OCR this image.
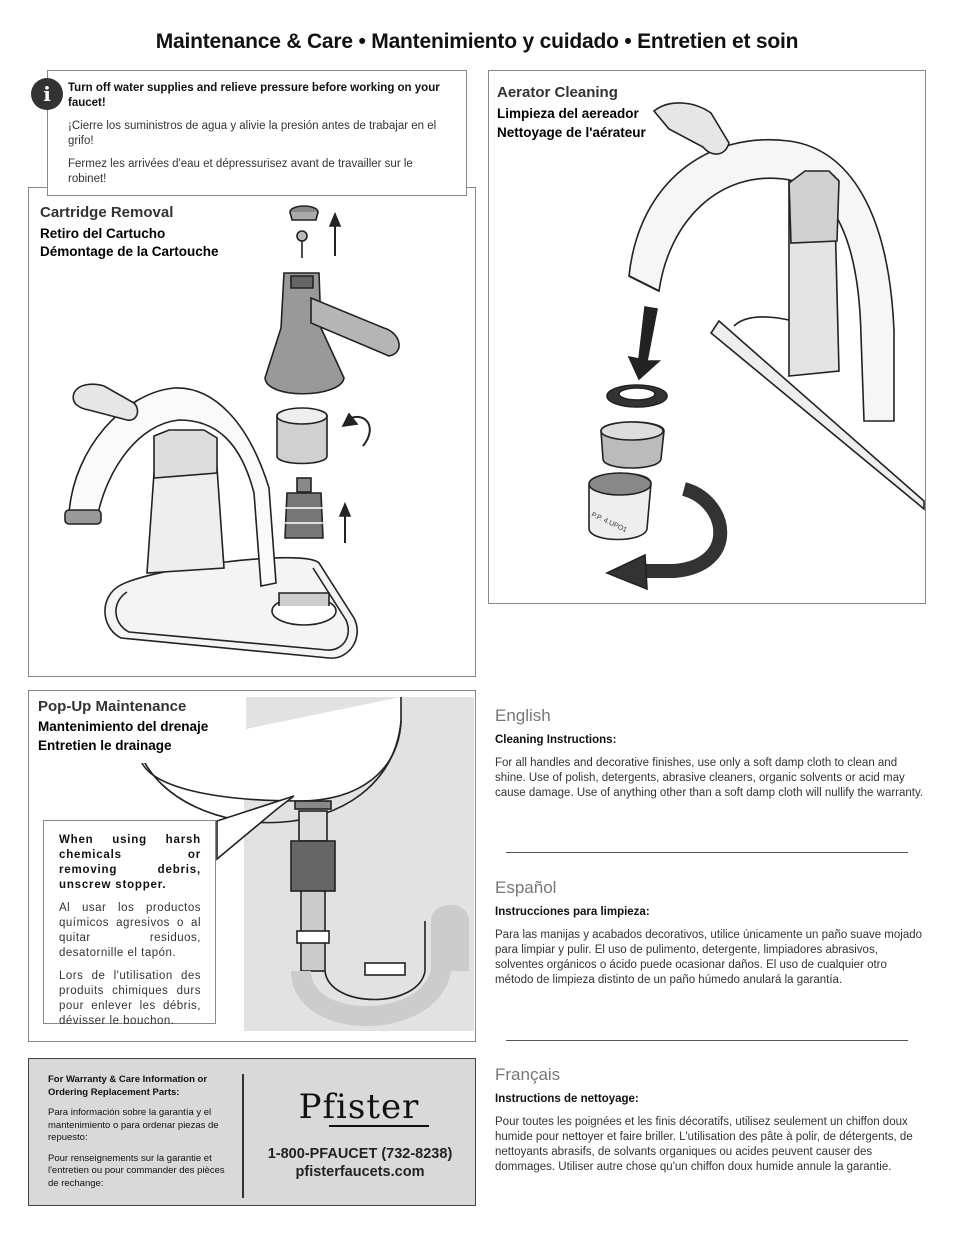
Maintenance & Care • Mantenimiento y cuidado • Entretien et soin
Cartridge Removal
Retiro del Cartucho
Démontage de la Cartouche

Turn off water supplies and relieve pressure before working on your faucet!

¡Cierre los suministros de agua y alivie la presión antes de trabajar en el grifo!

Fermez les arrivées d'eau et dépressurisez avant de travailler sur le robinet!

i
P.P. 4.UPO1
Aerator Cleaning
Limpieza del aereador
Nettoyage de l'aérateur
Pop-Up Maintenance
Mantenimiento del drenaje
Entretien le drainage

When using harsh chemicals or removing debris, unscrew stopper.

Al usar los productos químicos agresivos o al quitar residuos, desatornille el tapón.

Lors de l'utilisation des produits chimiques durs pour enlever les débris, dévisser le bouchon.

English
Cleaning Instructions:
For all handles and decorative finishes, use only a soft damp cloth to clean and shine. Use of polish, detergents, abrasive cleaners, organic solvents or acid may cause damage. Use of anything other than a soft damp cloth will nullify the warranty.
Español
Instrucciones para limpieza:
Para las manijas y acabados decorativos, utilice únicamente un paño suave mojado para limpiar y pulir. El uso de pulimento, detergente, limpiadores abrasivos, solventes orgánicos o ácido puede ocasionar daños. El uso de cualquier otro método de limpieza distinto de un paño húmedo anulará la garantía.
Français
Instructions de nettoyage:
Pour toutes les poignées et les finis décoratifs, utilisez seulement un chiffon doux humide pour nettoyer et faire briller. L'utilisation des pâte à polir, de détergents, de nettoyants abrasifs, de solvants organiques ou acides peuvent causer des dommages. Utiliser autre chose qu'un chiffon doux humide annule la garantie.

For Warranty & Care Information or Ordering Replacement Parts:

Para información sobre la garantía y el mantenimiento o para ordenar piezas de repuesto:

Pour renseignements sur la garantie et l'entretien ou pour commander des pièces de rechange:

Pfister
1-800-PFAUCET (732-8238)
pfisterfaucets.com
